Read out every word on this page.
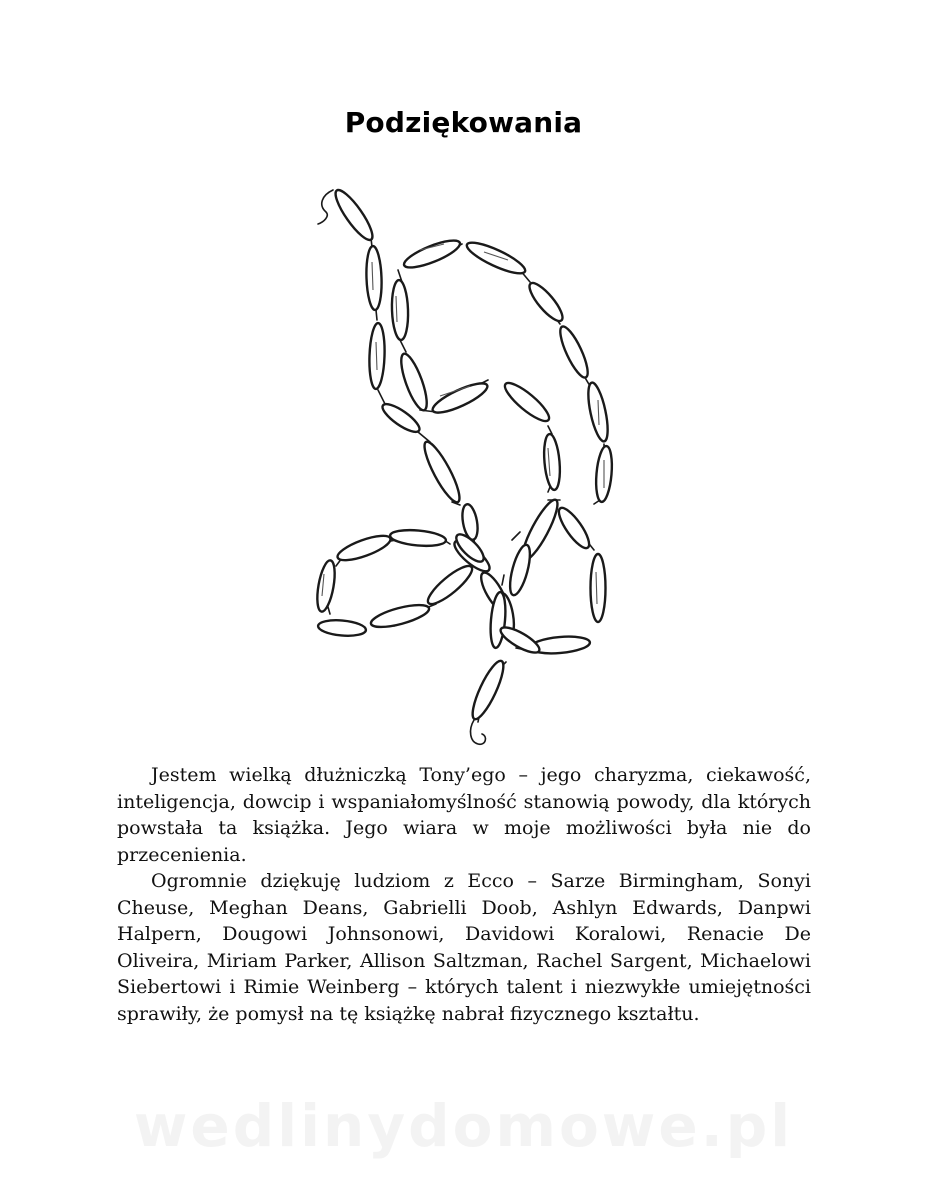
Podziękowania

Jestem wielką dłużniczką Tony’ego – jego charyzma, ciekawość, inteligencja, dowcip i wspaniałomyślność stanowią powody, dla których powstała ta książka. Jego wiara w moje możliwości była nie do przecenienia.

Ogromnie dziękuję ludziom z Ecco – Sarze Birmingham, Sonyi Cheuse, Meghan Deans, Gabrielli Doob, Ashlyn Edwards, Danpwi Halpern, Dougowi Johnsonowi, Davidowi Koralowi, Renacie De Oliveira, Miriam Parker, Allison Saltzman, Rachel Sargent, Michaelowi Siebertowi i Rimie Weinberg – których talent i niezwykłe umiejętności sprawiły, że pomysł na tę książkę nabrał fizycznego kształtu.

wedlinydomowe.pl
